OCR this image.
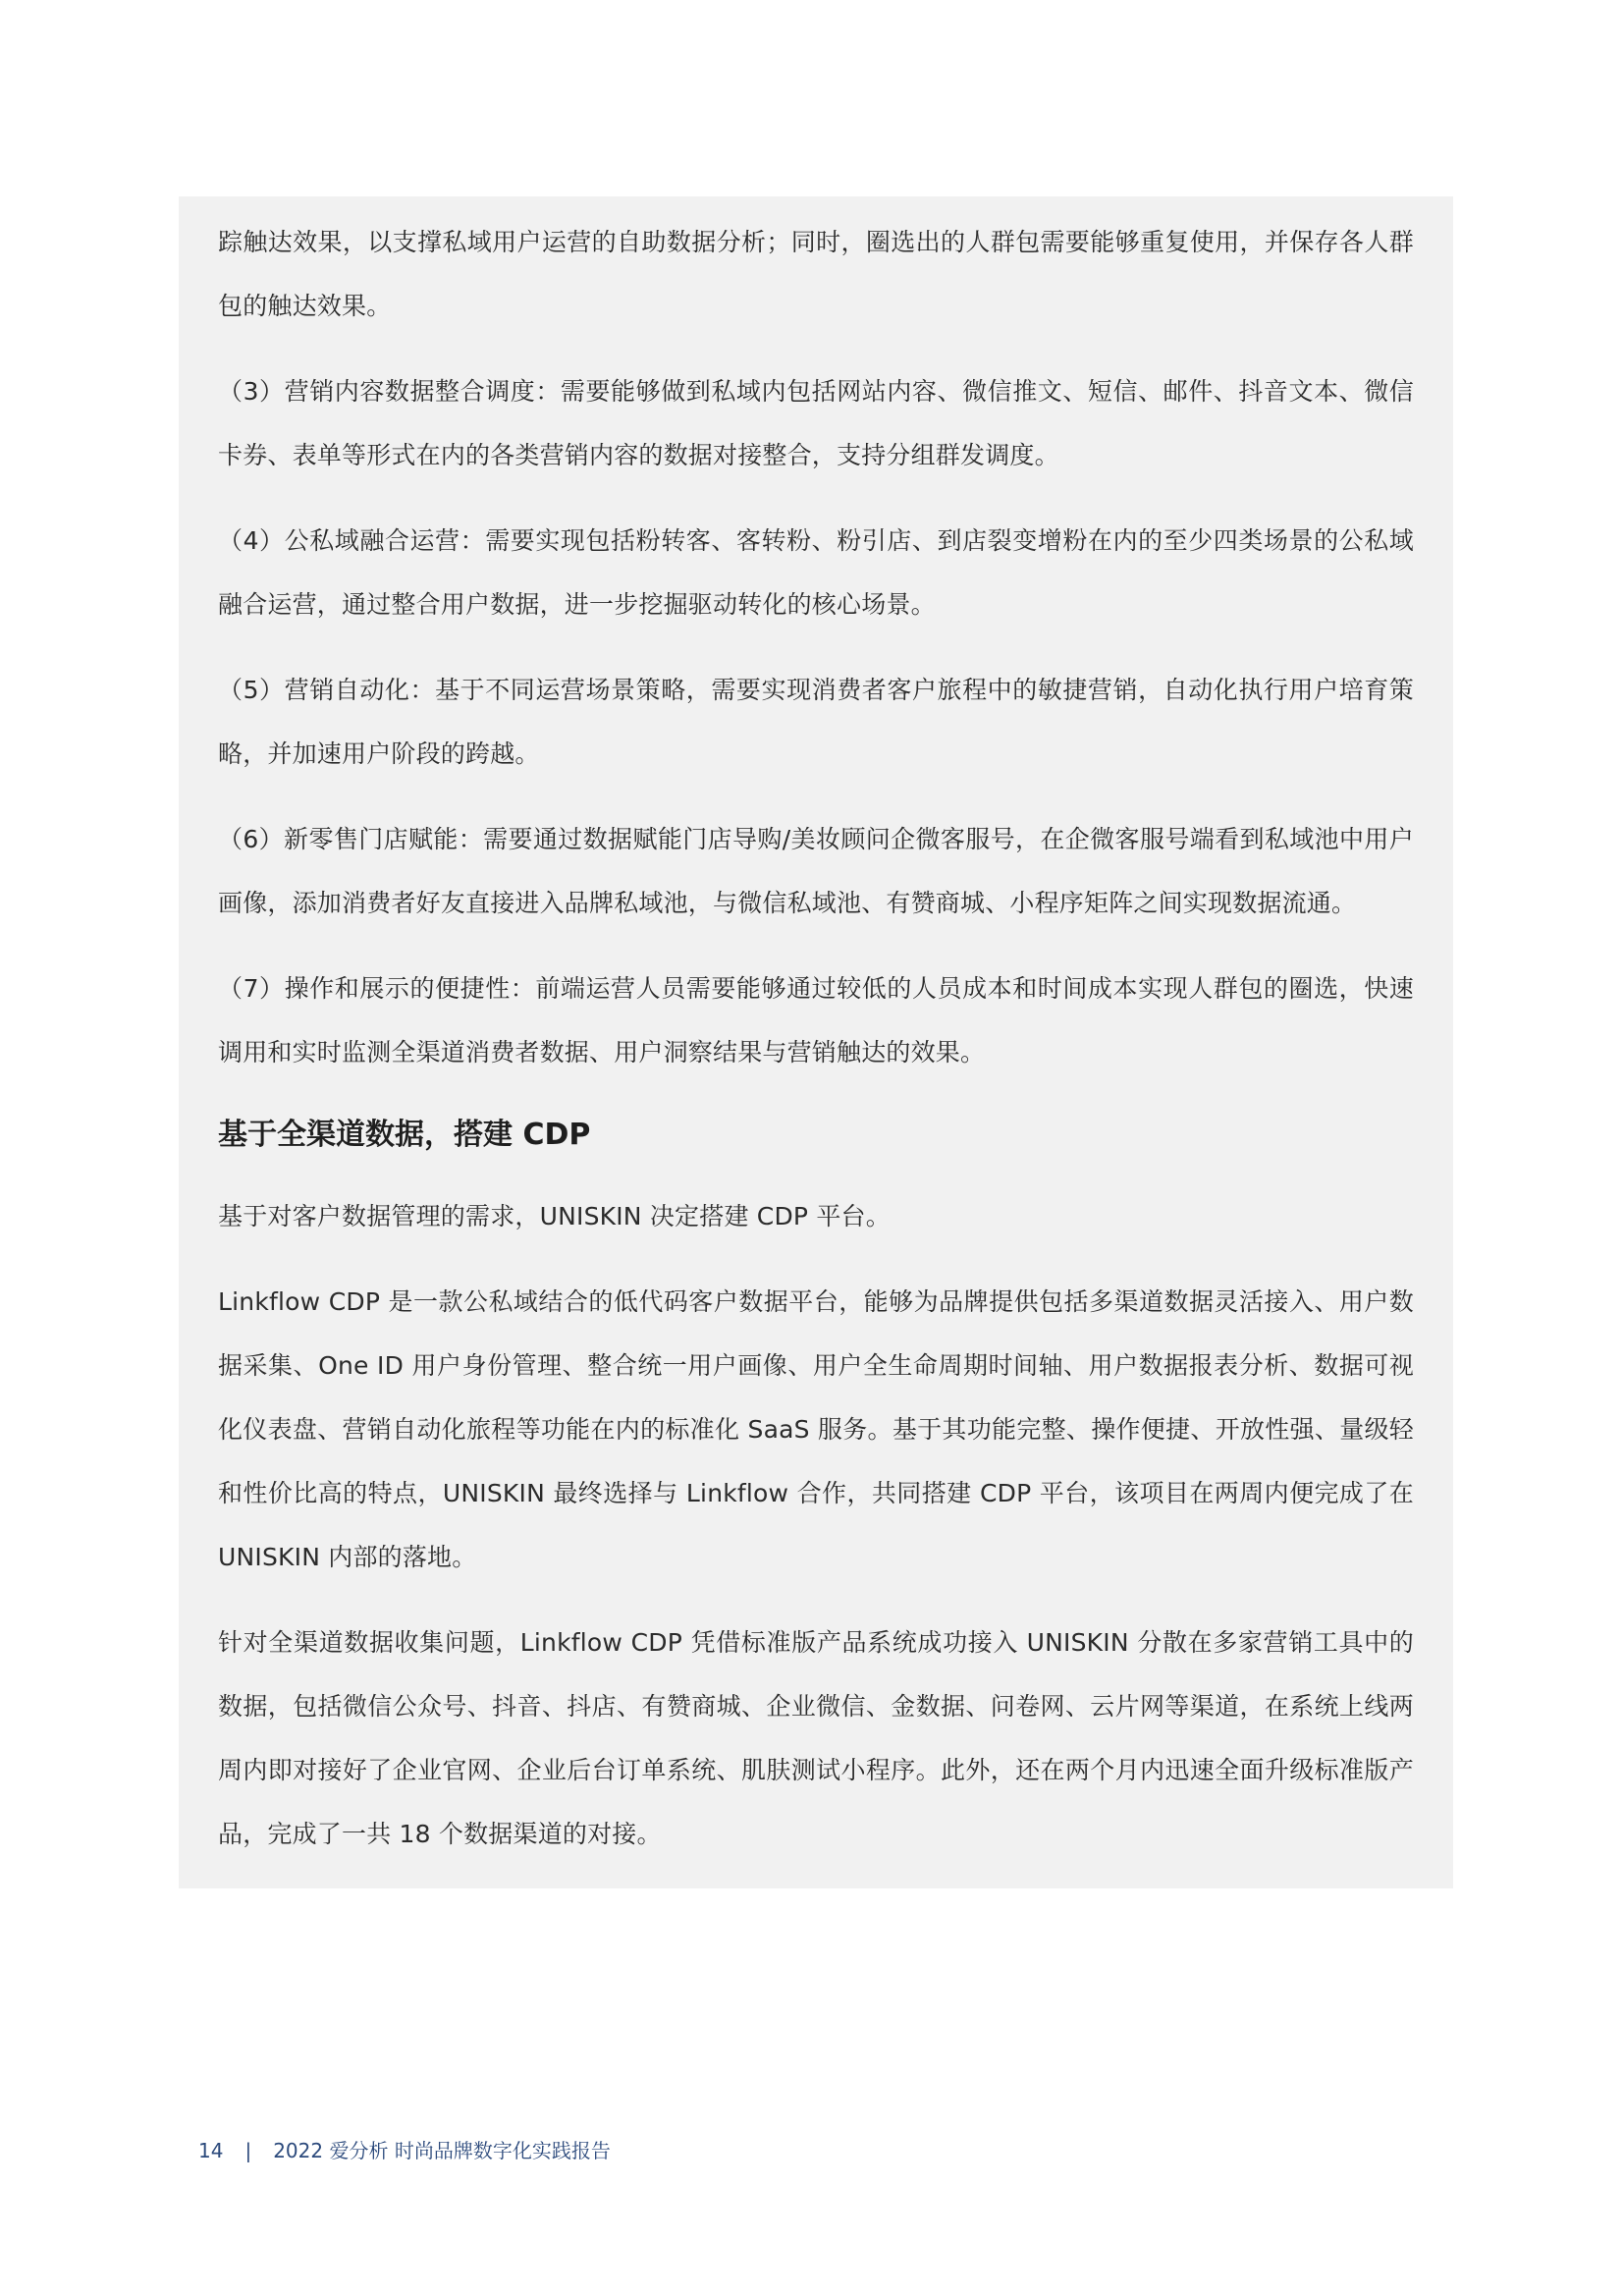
踪触达效果，以支撑私域用户运营的自助数据分析；同时，圈选出的人群包需要能够重复使用，并保存各人群包的触达效果。

（3）营销内容数据整合调度：需要能够做到私域内包括网站内容、微信推文、短信、邮件、抖音文本、微信卡券、表单等形式在内的各类营销内容的数据对接整合，支持分组群发调度。

（4）公私域融合运营：需要实现包括粉转客、客转粉、粉引店、到店裂变增粉在内的至少四类场景的公私域融合运营，通过整合用户数据，进一步挖掘驱动转化的核心场景。

（5）营销自动化：基于不同运营场景策略，需要实现消费者客户旅程中的敏捷营销，自动化执行用户培育策略，并加速用户阶段的跨越。

（6）新零售门店赋能：需要通过数据赋能门店导购/美妆顾问企微客服号，在企微客服号端看到私域池中用户画像，添加消费者好友直接进入品牌私域池，与微信私域池、有赞商城、小程序矩阵之间实现数据流通。

（7）操作和展示的便捷性：前端运营人员需要能够通过较低的人员成本和时间成本实现人群包的圈选，快速调用和实时监测全渠道消费者数据、用户洞察结果与营销触达的效果。

基于全渠道数据，搭建 CDP

基于对客户数据管理的需求，UNISKIN 决定搭建 CDP 平台。

Linkflow CDP 是一款公私域结合的低代码客户数据平台，能够为品牌提供包括多渠道数据灵活接入、用户数据采集、One ID 用户身份管理、整合统一用户画像、用户全生命周期时间轴、用户数据报表分析、数据可视化仪表盘、营销自动化旅程等功能在内的标准化 SaaS 服务。基于其功能完整、操作便捷、开放性强、量级轻和性价比高的特点，UNISKIN 最终选择与 Linkflow 合作，共同搭建 CDP 平台，该项目在两周内便完成了在 UNISKIN 内部的落地。

针对全渠道数据收集问题，Linkflow CDP 凭借标准版产品系统成功接入 UNISKIN 分散在多家营销工具中的数据，包括微信公众号、抖音、抖店、有赞商城、企业微信、金数据、问卷网、云片网等渠道，在系统上线两周内即对接好了企业官网、企业后台订单系统、肌肤测试小程序。此外，还在两个月内迅速全面升级标准版产品，完成了一共 18 个数据渠道的对接。

14 | 2022 爱分析 时尚品牌数字化实践报告
